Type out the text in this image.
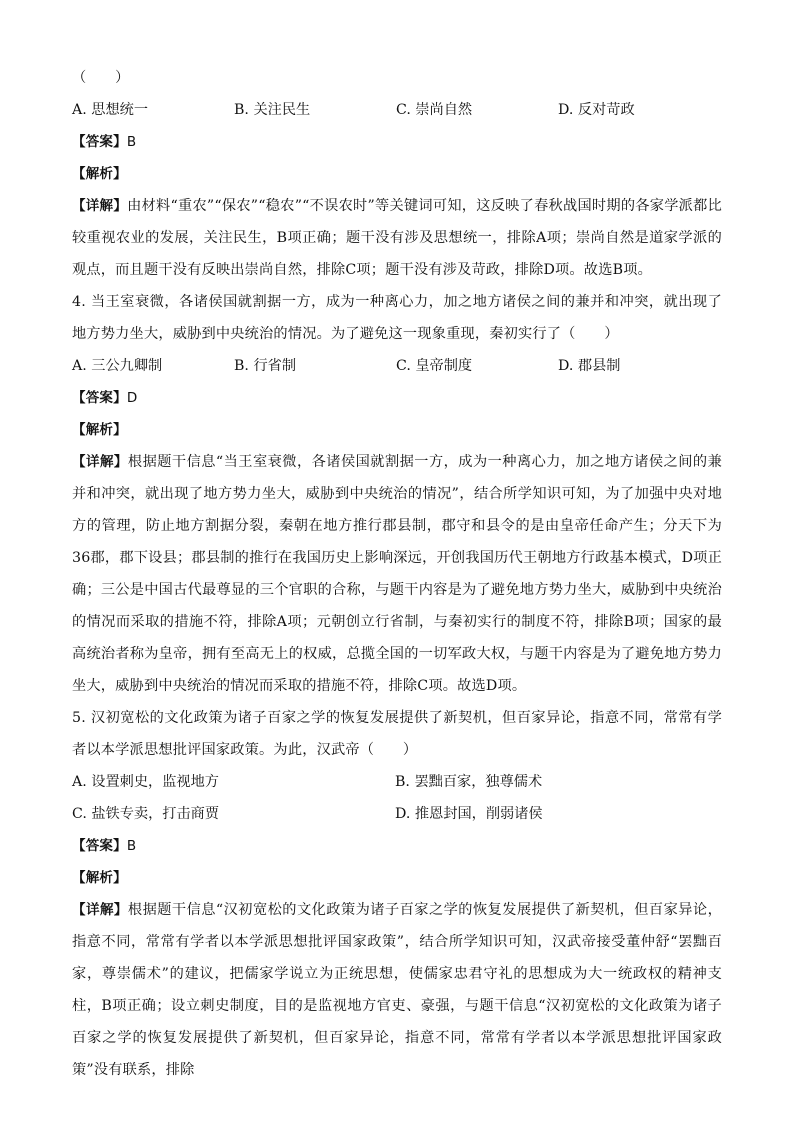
（　　）
A. 思想统一	B. 关注民生	C. 崇尚自然	D. 反对苛政
【答案】B
【解析】
【详解】由材料“重农”“保农”“稳农”“不误农时”等关键词可知，这反映了春秋战国时期的各家学派都比较重视农业的发展，关注民生，B项正确；题干没有涉及思想统一，排除A项；崇尚自然是道家学派的观点，而且题干没有反映出崇尚自然，排除C项；题干没有涉及苛政，排除D项。故选B项。
4. 当王室衰微，各诸侯国就割据一方，成为一种离心力，加之地方诸侯之间的兼并和冲突，就出现了地方势力坐大，威胁到中央统治的情况。为了避免这一现象重现，秦初实行了（　　）
A. 三公九卿制	B. 行省制	C. 皇帝制度	D. 郡县制
【答案】D
【解析】
【详解】根据题干信息“当王室衰微，各诸侯国就割据一方，成为一种离心力，加之地方诸侯之间的兼并和冲突，就出现了地方势力坐大，威胁到中央统治的情况”，结合所学知识可知，为了加强中央对地方的管理，防止地方割据分裂，秦朝在地方推行郡县制，郡守和县令的是由皇帝任命产生；分天下为36郡，郡下设县；郡县制的推行在我国历史上影响深远，开创我国历代王朝地方行政基本模式，D项正确；三公是中国古代最尊显的三个官职的合称，与题干内容是为了避免地方势力坐大，威胁到中央统治的情况而采取的措施不符，排除A项；元朝创立行省制，与秦初实行的制度不符，排除B项；国家的最高统治者称为皇帝，拥有至高无上的权威，总揽全国的一切军政大权，与题干内容是为了避免地方势力坐大，威胁到中央统治的情况而采取的措施不符，排除C项。故选D项。
5. 汉初宽松的文化政策为诸子百家之学的恢复发展提供了新契机，但百家异论，指意不同，常常有学者以本学派思想批评国家政策。为此，汉武帝（　　）
A. 设置刺史，监视地方	B. 罢黜百家，独尊儒术
C. 盐铁专卖，打击商贾	D. 推恩封国，削弱诸侯
【答案】B
【解析】
【详解】根据题干信息“汉初宽松的文化政策为诸子百家之学的恢复发展提供了新契机，但百家异论，指意不同，常常有学者以本学派思想批评国家政策”，结合所学知识可知，汉武帝接受董仲舒“罢黜百家，尊崇儒术”的建议，把儒家学说立为正统思想，使儒家忠君守礼的思想成为大一统政权的精神支柱，B项正确；设立刺史制度，目的是监视地方官吏、豪强，与题干信息“汉初宽松的文化政策为诸子百家之学的恢复发展提供了新契机，但百家异论，指意不同，常常有学者以本学派思想批评国家政策”没有联系，排除
